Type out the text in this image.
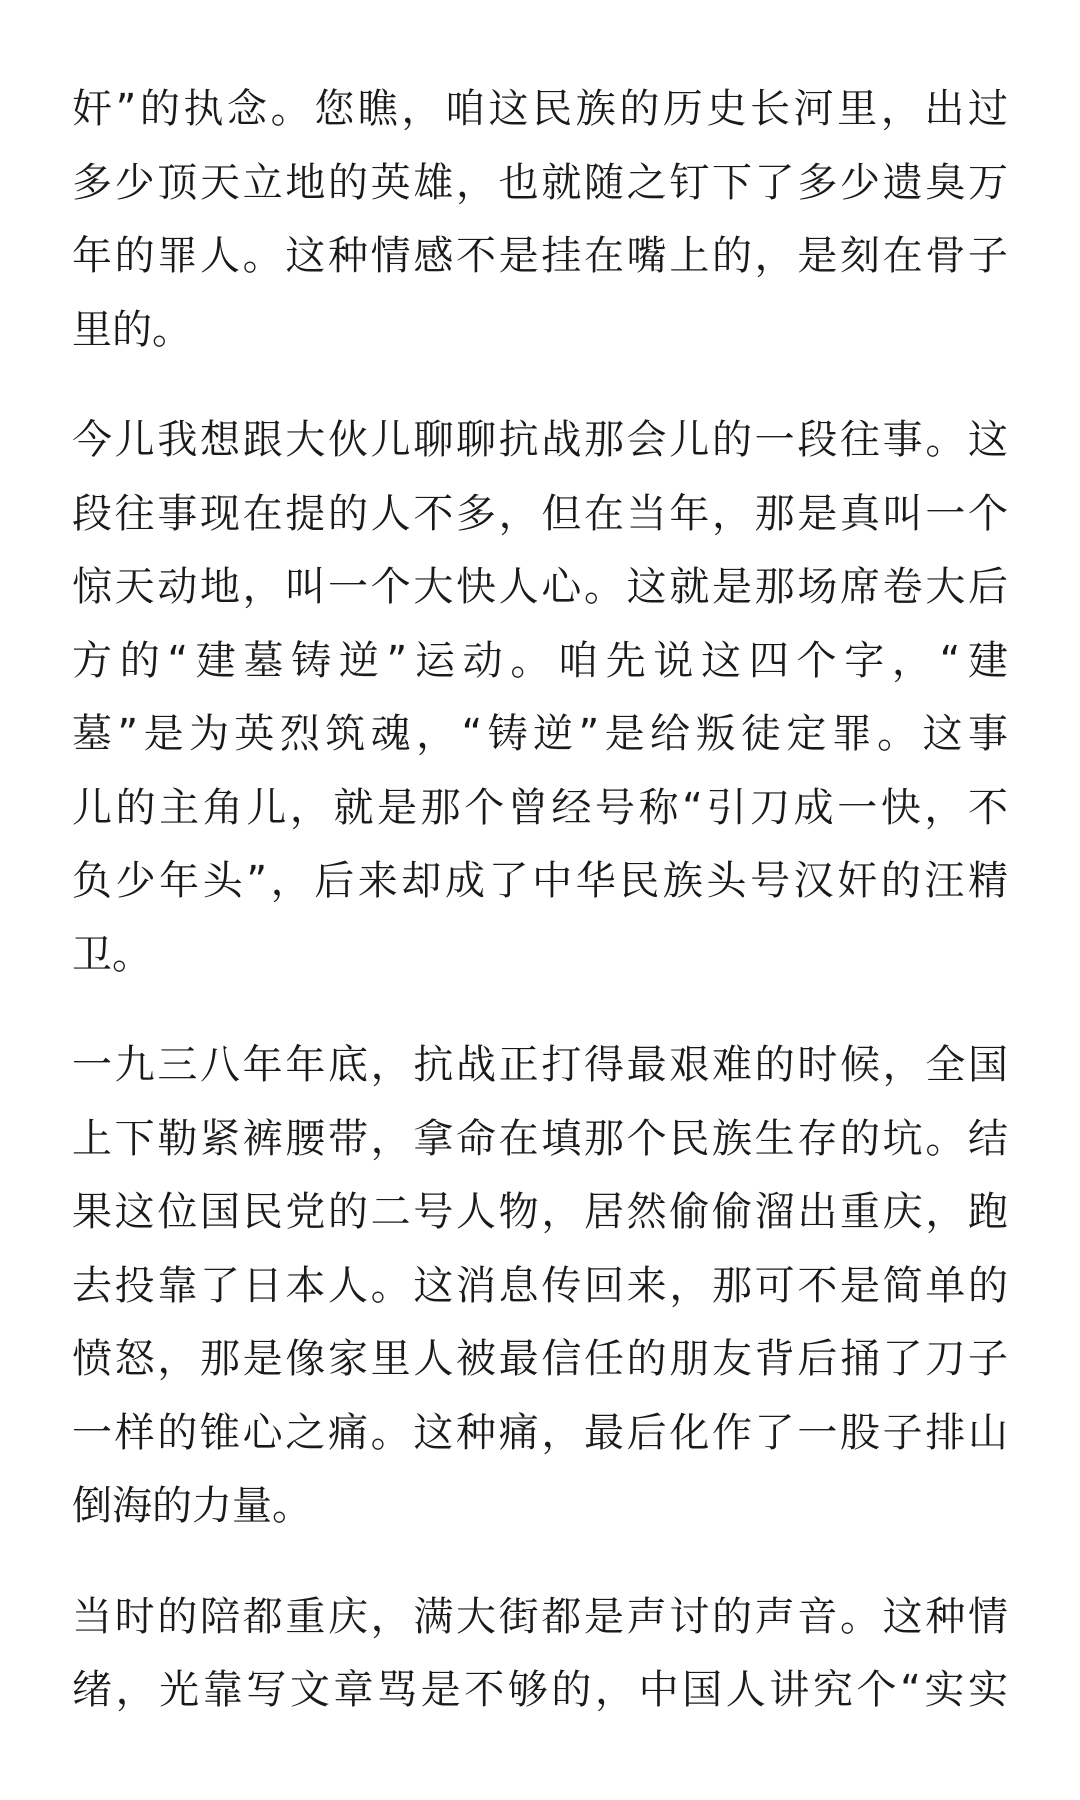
奸”的执念。您瞧，咱这民族的历史长河里，出过
多少顶天立地的英雄，也就随之钉下了多少遗臭万
年的罪人。这种情感不是挂在嘴上的，是刻在骨子
里的。
今儿我想跟大伙儿聊聊抗战那会儿的一段往事。这
段往事现在提的人不多，但在当年，那是真叫一个
惊天动地，叫一个大快人心。这就是那场席卷大后
方的“建墓铸逆”运动。咱先说这四个字，“建
墓”是为英烈筑魂，“铸逆”是给叛徒定罪。这事
儿的主角儿，就是那个曾经号称“引刀成一快，不
负少年头”，后来却成了中华民族头号汉奸的汪精
卫。
一九三八年年底，抗战正打得最艰难的时候，全国
上下勒紧裤腰带，拿命在填那个民族生存的坑。结
果这位国民党的二号人物，居然偷偷溜出重庆，跑
去投靠了日本人。这消息传回来，那可不是简单的
愤怒，那是像家里人被最信任的朋友背后捅了刀子
一样的锥心之痛。这种痛，最后化作了一股子排山
倒海的力量。
当时的陪都重庆，满大街都是声讨的声音。这种情
绪，光靠写文章骂是不够的，中国人讲究个“实实
